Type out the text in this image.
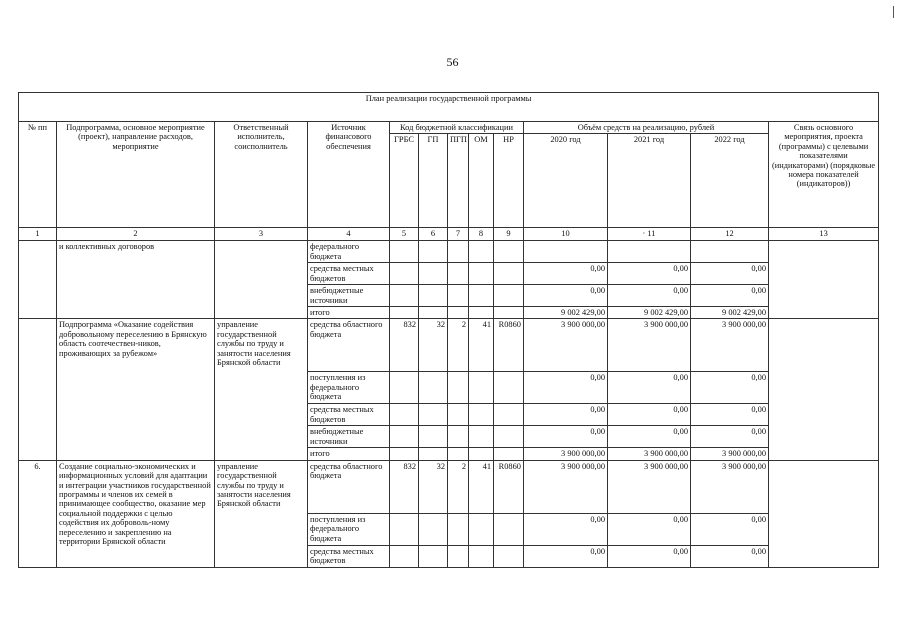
56
План реализации государственной программы												
№ пп	Подпрограмма, основное мероприятие (проект), направление расходов, мероприятие	Ответственный исполнитель, соисполнитель	Источник финансового обеспечения	Код бюджетной классификации					Объём средств на реализацию, рублей			Связь основного мероприятия, проекта (программы) с целевыми показателями (индикаторами) (порядковые номера показателей (индикаторов))
				ГРБС	ГП	ПГП	ОМ	НР	2020 год	2021 год	2022 год	
1	2	3	4	5	6	7	8	9	10	· 11	12	13
	и коллективных договоров		федерального бюджета									
			средства местных бюджетов						0,00	0,00	0,00	
			внебюджетные источники						0,00	0,00	0,00	
			итого						9 002 429,00	9 002 429,00	9 002 429,00	
	Подпрограмма «Оказание содействия добровольному переселению в Брянскую область соотечествен-ников, проживающих за рубежом»	управление государственной службы по труду и занятости населения Брянской области	средства областного бюджета	832	32	2	41	R0860	3 900 000,00	3 900 000,00	3 900 000,00	
			поступления из федерального бюджета						0,00	0,00	0,00	
			средства местных бюджетов						0,00	0,00	0,00	
			внебюджетные источники						0,00	0,00	0,00	
			итого						3 900 000,00	3 900 000,00	3 900 000,00	
6.	Создание социально-экономических и информационных условий для адаптации и интеграции участников государственной программы и членов их семей в принимающее сообщество, оказание мер социальной поддержки с целью содействия их доброволь-ному переселению и закреплению на территории Брянской области	управление государственной службы по труду и занятости населения Брянской области	средства областного бюджета	832	32	2	41	R0860	3 900 000,00	3 900 000,00	3 900 000,00	
			поступления из федерального бюджета						0,00	0,00	0,00	
			средства местных бюджетов						0,00	0,00	0,00	
